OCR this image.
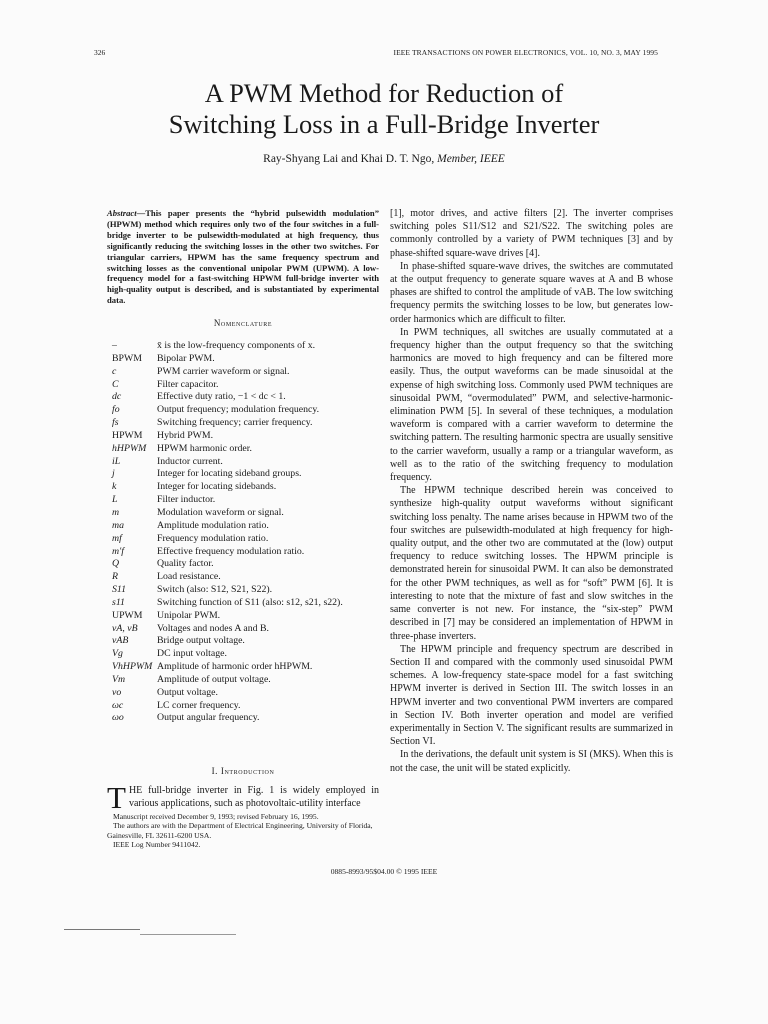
326	IEEE TRANSACTIONS ON POWER ELECTRONICS, VOL. 10, NO. 3, MAY 1995
A PWM Method for Reduction of
Switching Loss in a Full-Bridge Inverter
Ray-Shyang Lai and Khai D. T. Ngo, Member, IEEE
Abstract—This paper presents the “hybrid pulsewidth modulation” (HPWM) method which requires only two of the four switches in a full-bridge inverter to be pulsewidth-modulated at high frequency, thus significantly reducing the switching losses in the other two switches. For triangular carriers, HPWM has the same frequency spectrum and switching losses as the conventional unipolar PWM (UPWM). A low-frequency model for a fast-switching HPWM full-bridge inverter with high-quality output is described, and is substantiated by experimental data.
Nomenclature
–	x̄ is the low-frequency components of x.
BPWM	Bipolar PWM.
c	PWM carrier waveform or signal.
C	Filter capacitor.
dc	Effective duty ratio, −1 < dc < 1.
fo	Output frequency; modulation frequency.
fs	Switching frequency; carrier frequency.
HPWM	Hybrid PWM.
hHPWM	HPWM harmonic order.
iL	Inductor current.
j	Integer for locating sideband groups.
k	Integer for locating sidebands.
L	Filter inductor.
m	Modulation waveform or signal.
ma	Amplitude modulation ratio.
mf	Frequency modulation ratio.
m′f	Effective frequency modulation ratio.
Q	Quality factor.
R	Load resistance.
S11	Switch (also: S12, S21, S22).
s11	Switching function of S11 (also: s12, s21, s22).
UPWM	Unipolar PWM.
vA, vB	Voltages and nodes A and B.
vAB	Bridge output voltage.
Vg	DC input voltage.
VhHPWM	Amplitude of harmonic order hHPWM.
Vm	Amplitude of output voltage.
vo	Output voltage.
ωc	LC corner frequency.
ωo	Output angular frequency.
I. Introduction
THE full-bridge inverter in Fig. 1 is widely employed in various applications, such as photovoltaic-utility interface
Manuscript received December 9, 1993; revised February 16, 1995.
The authors are with the Department of Electrical Engineering, University of Florida, Gainesville, FL 32611-6200 USA.
IEEE Log Number 9411042.

[1], motor drives, and active filters [2]. The inverter comprises switching poles S11/S12 and S21/S22. The switching poles are commonly controlled by a variety of PWM techniques [3] and by phase-shifted square-wave drives [4].

In phase-shifted square-wave drives, the switches are commutated at the output frequency to generate square waves at A and B whose phases are shifted to control the amplitude of vAB. The low switching frequency permits the switching losses to be low, but generates low-order harmonics which are difficult to filter.

In PWM techniques, all switches are usually commutated at a frequency higher than the output frequency so that the switching harmonics are moved to high frequency and can be filtered more easily. Thus, the output waveforms can be made sinusoidal at the expense of high switching loss. Commonly used PWM techniques are sinusoidal PWM, “overmodulated” PWM, and selective-harmonic-elimination PWM [5]. In several of these techniques, a modulation waveform is compared with a carrier waveform to determine the switching pattern. The resulting harmonic spectra are usually sensitive to the carrier waveform, usually a ramp or a triangular waveform, as well as to the ratio of the switching frequency to modulation frequency.

The HPWM technique described herein was conceived to synthesize high-quality output waveforms without significant switching loss penalty. The name arises because in HPWM two of the four switches are pulsewidth-modulated at high frequency for high-quality output, and the other two are commutated at the (low) output frequency to reduce switching losses. The HPWM principle is demonstrated herein for sinusoidal PWM. It can also be demonstrated for the other PWM techniques, as well as for “soft” PWM [6]. It is interesting to note that the mixture of fast and slow switches in the same converter is not new. For instance, the “six-step” PWM described in [7] may be considered an implementation of HPWM in three-phase inverters.

The HPWM principle and frequency spectrum are described in Section II and compared with the commonly used sinusoidal PWM schemes. A low-frequency state-space model for a fast switching HPWM inverter is derived in Section III. The switch losses in an HPWM inverter and two conventional PWM inverters are compared in Section IV. Both inverter operation and model are verified experimentally in Section V. The significant results are summarized in Section VI.

In the derivations, the default unit system is SI (MKS). When this is not the case, the unit will be stated explicitly.

0885-8993/95$04.00 © 1995 IEEE
